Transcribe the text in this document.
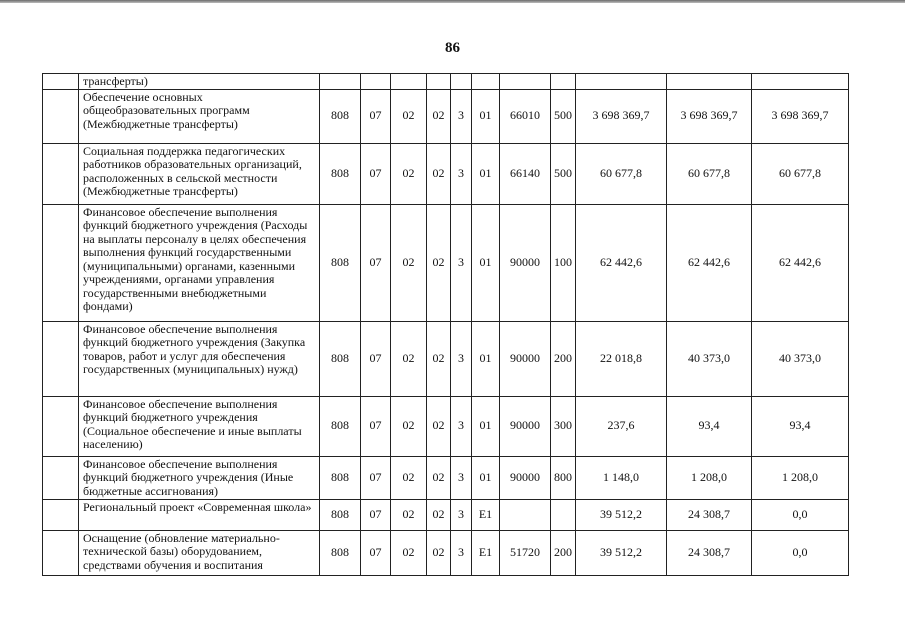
86
	трансферты)											
	Обеспечение основных общеобразовательных программ (Межбюджетные трансферты)	808	07	02	02	3	01	66010	500	3 698 369,7	3 698 369,7	3 698 369,7
	Социальная поддержка педагогических работников образовательных организаций, расположенных в сельской местности (Межбюджетные трансферты)	808	07	02	02	3	01	66140	500	60 677,8	60 677,8	60 677,8
	Финансовое обеспечение выполнения функций бюджетного учреждения (Расходы на выплаты персоналу в целях обеспечения выполнения функций государственными (муниципальными) органами, казенными учреждениями, органами управления государственными внебюджетными фондами)	808	07	02	02	3	01	90000	100	62 442,6	62 442,6	62 442,6
	Финансовое обеспечение выполнения функций бюджетного учреждения (Закупка товаров, работ и услуг для обеспечения государственных (муниципальных) нужд)	808	07	02	02	3	01	90000	200	22 018,8	40 373,0	40 373,0
	Финансовое обеспечение выполнения функций бюджетного учреждения (Социальное обеспечение и иные выплаты населению)	808	07	02	02	3	01	90000	300	237,6	93,4	93,4
	Финансовое обеспечение выполнения функций бюджетного учреждения (Иные бюджетные ассигнования)	808	07	02	02	3	01	90000	800	1 148,0	1 208,0	1 208,0
	Региональный проект «Современная школа»	808	07	02	02	3	E1			39 512,2	24 308,7	0,0
	Оснащение (обновление материально-технической базы) оборудованием, средствами обучения и воспитания	808	07	02	02	3	E1	51720	200	39 512,2	24 308,7	0,0
